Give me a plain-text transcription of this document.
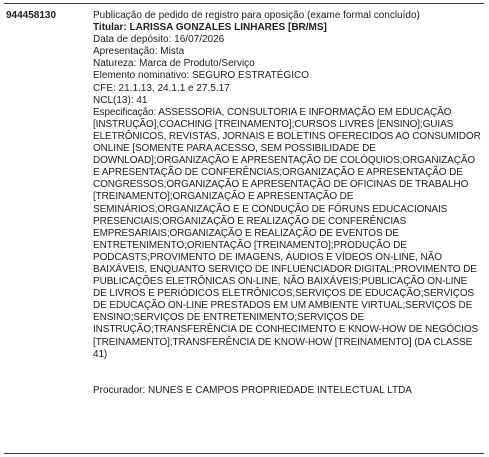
944458130	Publicação de pedido de registro para oposição (exame formal concluído)
Titular: LARISSA GONZALES LINHARES [BR/MS]
Data de depósito: 16/07/2026
Apresentação: Mista
Natureza: Marca de Produto/Serviço
Elemento nominativo: SEGURO ESTRATÉGICO
CFE: 21.1.13, 24.1.1 e 27.5.17
NCL(13): 41
Especificação: ASSESSORIA, CONSULTORIA E INFORMAÇÃO EM EDUCAÇÃO [INSTRUÇÃO];COACHING [TREINAMENTO];CURSOS LIVRES [ENSINO];GUIAS ELETRÔNICOS, REVISTAS, JORNAIS E BOLETINS OFERECIDOS AO CONSUMIDOR ONLINE [SOMENTE PARA ACESSO, SEM POSSIBILIDADE DE DOWNLOAD];ORGANIZAÇÃO E APRESENTAÇÃO DE COLÓQUIOS;ORGANIZAÇÃO E APRESENTAÇÃO DE CONFERÊNCIAS;ORGANIZAÇÃO E APRESENTAÇÃO DE CONGRESSOS;ORGANIZAÇÃO E APRESENTAÇÃO DE OFICINAS DE TRABALHO [TREINAMENTO];ORGANIZAÇÃO E APRESENTAÇÃO DE SEMINÁRIOS;ORGANIZAÇÃO E E CONDUÇÃO DE FÓRUNS EDUCACIONAIS PRESENCIAIS;ORGANIZAÇÃO E REALIZAÇÃO DE CONFERÊNCIAS EMPRESARIAIS;ORGANIZAÇÃO E REALIZAÇÃO DE EVENTOS DE ENTRETENIMENTO;ORIENTAÇÃO [TREINAMENTO];PRODUÇÃO DE PODCASTS;PROVIMENTO DE IMAGENS, ÁUDIOS E VÍDEOS ON-LINE, NÃO BAIXÁVEIS, ENQUANTO SERVIÇO DE INFLUENCIADOR DIGITAL;PROVIMENTO DE PUBLICAÇÕES ELETRÔNICAS ON-LINE, NÃO BAIXÁVEIS;PUBLICAÇÃO ON-LINE DE LIVROS E PERIÓDICOS ELETRÔNICOS;SERVIÇOS DE EDUCAÇÃO;SERVIÇOS DE EDUCAÇÃO ON-LINE PRESTADOS EM UM AMBIENTE VIRTUAL;SERVIÇOS DE ENSINO;SERVIÇOS DE ENTRETENIMENTO;SERVIÇOS DE INSTRUÇÃO;TRANSFERÊNCIA DE CONHECIMENTO E KNOW-HOW DE NEGÓCIOS [TREINAMENTO];TRANSFERÊNCIA DE KNOW-HOW [TREINAMENTO] (DA CLASSE 41)
Procurador: NUNES E CAMPOS PROPRIEDADE INTELECTUAL LTDA
